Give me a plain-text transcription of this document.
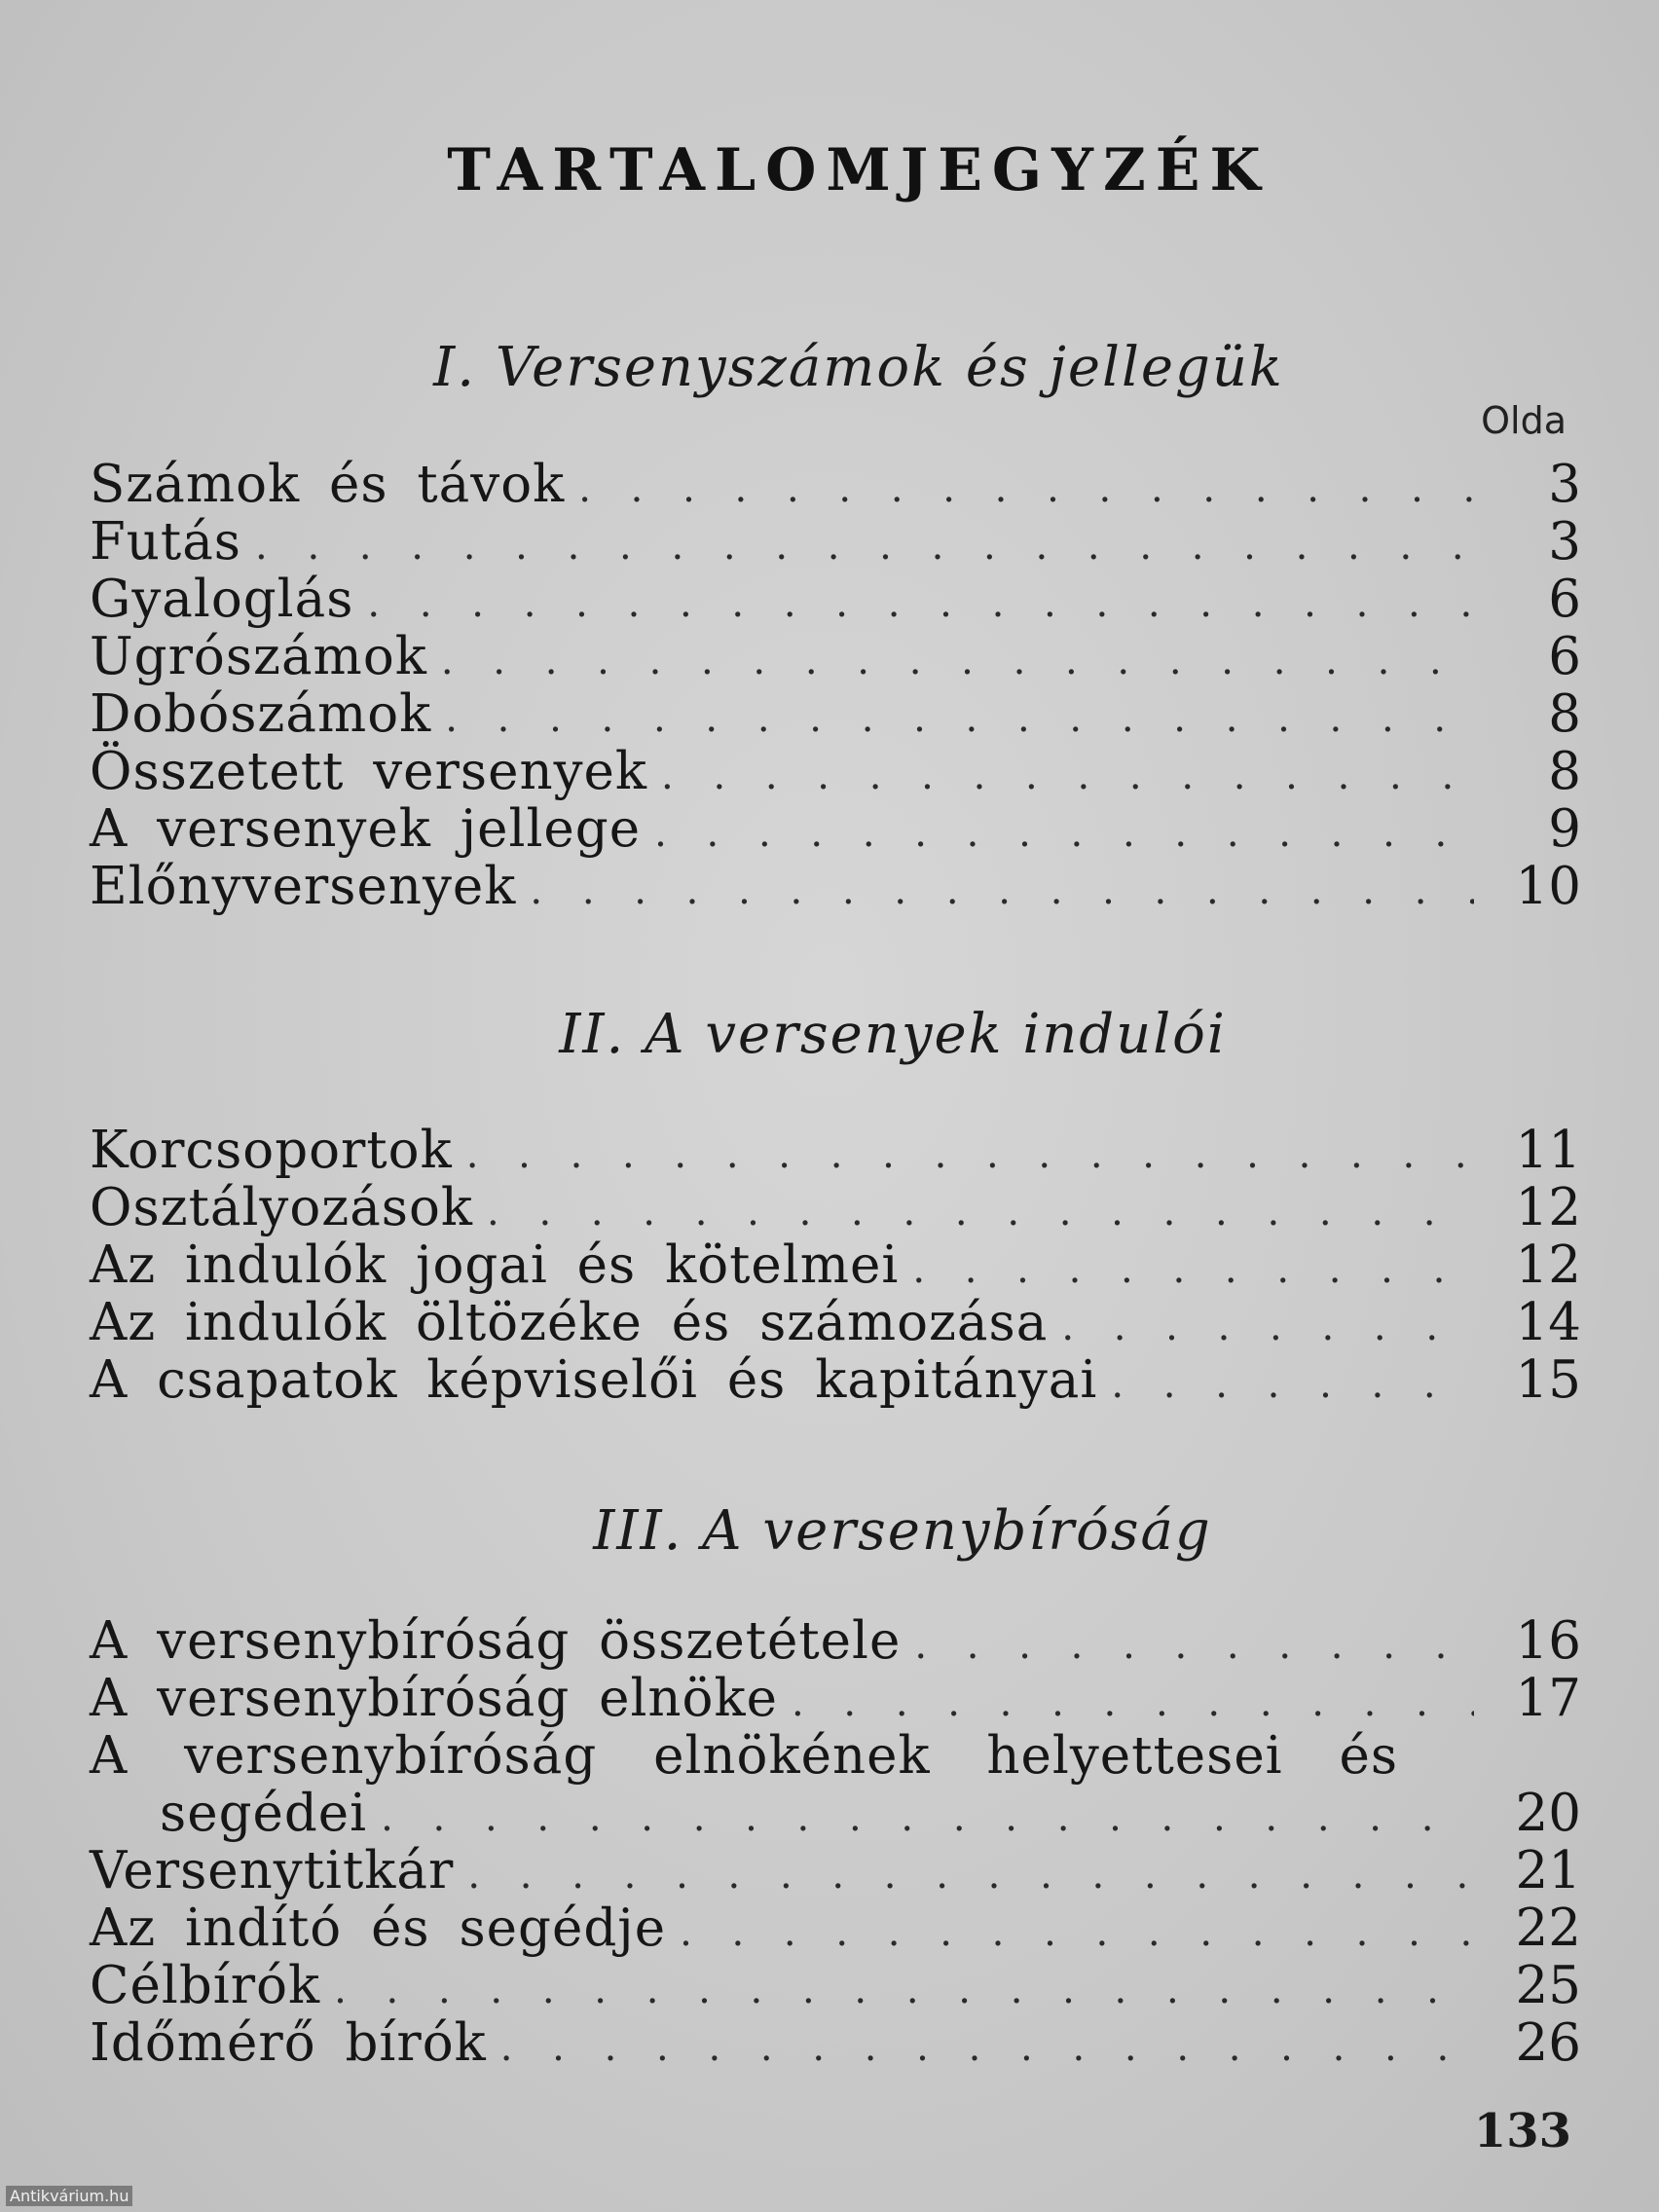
TARTALOMJEGYZÉK
I. Versenyszámok és jellegük
Olda
Számok és távok . . .	3
Futás . . .	3
Gyaloglás . . .	6
Ugrószámok . . .	6
Dobószámok . . .	8
Összetett versenyek . . .	8
A versenyek jellege . . .	9
Előnyversenyek . . .	10
II. A versenyek indulói
Korcsoportok . . .	11
Osztályozások . . .	12
Az indulók jogai és kötelmei . . .	12
Az indulók öltözéke és számozása . . .	14
A csapatok képviselői és kapitányai . . .	15
III. A versenybíróság
A versenybíróság összetétele . . .	16
A versenybíróság elnöke . . .	17
A versenybíróság elnökének helyettesei és
segédei . . .	20
Versenytitkár . . .	21
Az indító és segédje . . .	22
Célbírók . . .	25
Időmérő bírók . . .	26
133
Antikvárium.hu
